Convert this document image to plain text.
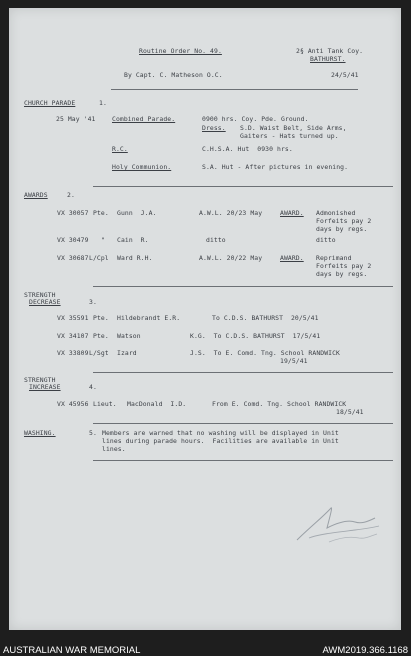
Routine Order No. 49.	2§ Anti Tank Coy.
BATHURST.
By Capt. C. Matheson O.C.	24/5/41
CHURCH PARADE	1.
25 May '41	Combined Parade.	0900 hrs. Coy. Pde. Ground.
Dress. S.D. Waist Belt, Side Arms,
Gaiters - Hats turned up.
R.C.	C.H.S.A. Hut  0930 hrs.
Holy Communion.	S.A. Hut - After pictures in evening.
AWARDS	2.
VX 30057 Pte. Gunn  J.A.	A.W.L. 20/23 May	AWARD. Admonished
Forfeits pay 2
days by regs.
VX 30479 " Cain  R.	ditto	ditto
VX 30687 L/Cpl Ward R.H.	A.W.L. 20/22 May	AWARD. Reprimand
Forfeits pay 2
days by regs.
STRENGTH
DECREASE	3.
VX 35591 Pte. Hildebrandt E.R.	To C.D.S. BATHURST  20/5/41
VX 34107 Pte. Watson	K.G.  To C.D.S. BATHURST  17/5/41
VX 33809 L/Sgt Izard	J.S.  To E. Comd. Tng. School RANDWICK
19/5/41
STRENGTH
INCREASE	4.
VX 45956 Lieut. MacDonald  I.D.	From E. Comd. Tng. School RANDWICK
18/5/41
WASHING.	5. Members are warned that no washing will be displayed in Unit
lines during parade hours.  Facilities are available in Unit
lines.
AUSTRALIAN WAR MEMORIAL	AWM2019.366.1168
